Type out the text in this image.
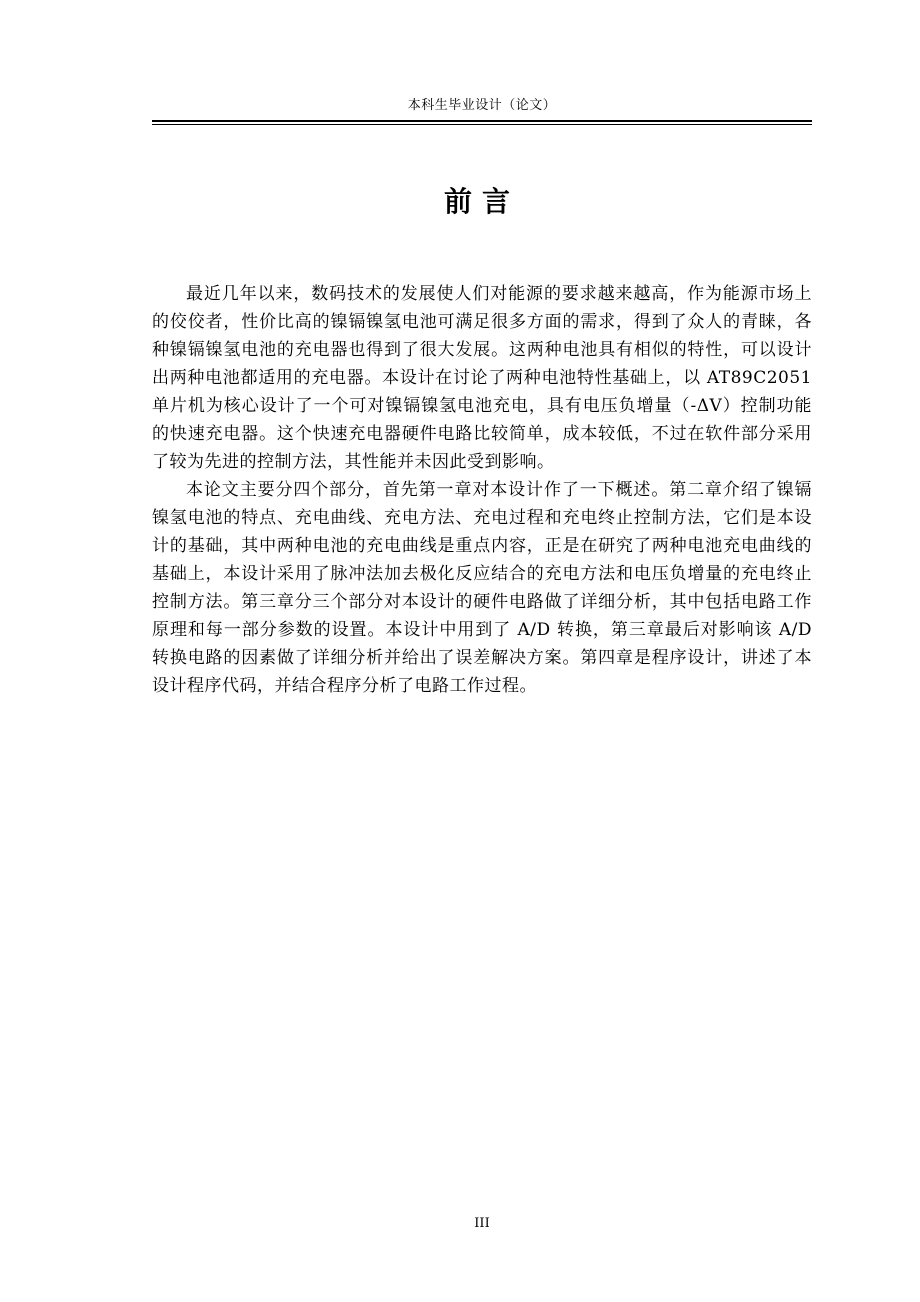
本科生毕业设计（论文）
前言

最近几年以来，数码技术的发展使人们对能源的要求越来越高，作为能源市场上的佼佼者，性价比高的镍镉镍氢电池可满足很多方面的需求，得到了众人的青睐，各种镍镉镍氢电池的充电器也得到了很大发展。这两种电池具有相似的特性，可以设计出两种电池都适用的充电器。本设计在讨论了两种电池特性基础上，以 AT89C2051 单片机为核心设计了一个可对镍镉镍氢电池充电，具有电压负增量（-ΔV）控制功能的快速充电器。这个快速充电器硬件电路比较简单，成本较低，不过在软件部分采用了较为先进的控制方法，其性能并未因此受到影响。

本论文主要分四个部分，首先第一章对本设计作了一下概述。第二章介绍了镍镉镍氢电池的特点、充电曲线、充电方法、充电过程和充电终止控制方法，它们是本设计的基础，其中两种电池的充电曲线是重点内容，正是在研究了两种电池充电曲线的基础上，本设计采用了脉冲法加去极化反应结合的充电方法和电压负增量的充电终止控制方法。第三章分三个部分对本设计的硬件电路做了详细分析，其中包括电路工作原理和每一部分参数的设置。本设计中用到了 A/D 转换，第三章最后对影响该 A/D 转换电路的因素做了详细分析并给出了误差解决方案。第四章是程序设计，讲述了本设计程序代码，并结合程序分析了电路工作过程。

III
